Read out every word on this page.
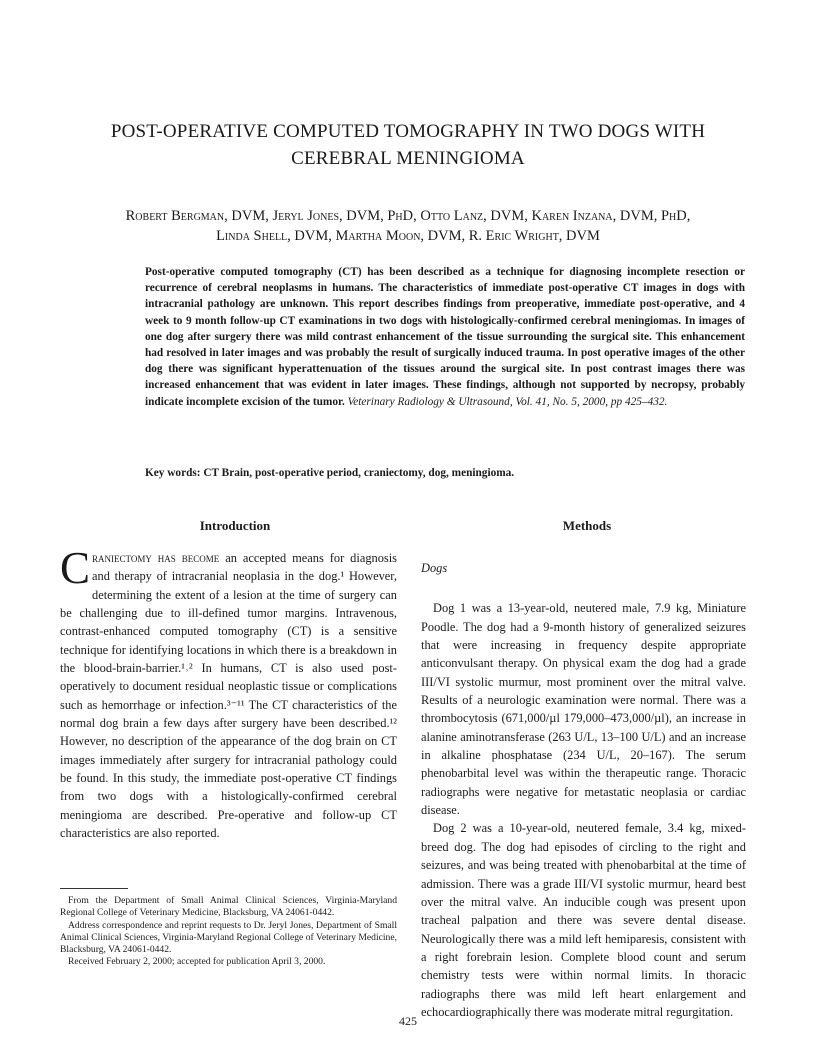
POST-OPERATIVE COMPUTED TOMOGRAPHY IN TWO DOGS WITH CEREBRAL MENINGIOMA
Robert Bergman, DVM, Jeryl Jones, DVM, PhD, Otto Lanz, DVM, Karen Inzana, DVM, PhD,
Linda Shell, DVM, Martha Moon, DVM, R. Eric Wright, DVM
Post-operative computed tomography (CT) has been described as a technique for diagnosing incomplete resection or recurrence of cerebral neoplasms in humans. The characteristics of immediate post-operative CT images in dogs with intracranial pathology are unknown. This report describes findings from preoperative, immediate post-operative, and 4 week to 9 month follow-up CT examinations in two dogs with histologically-confirmed cerebral meningiomas. In images of one dog after surgery there was mild contrast enhancement of the tissue surrounding the surgical site. This enhancement had resolved in later images and was probably the result of surgically induced trauma. In post operative images of the other dog there was significant hyperattenuation of the tissues around the surgical site. In post contrast images there was increased enhancement that was evident in later images. These findings, although not supported by necropsy, probably indicate incomplete excision of the tumor. Veterinary Radiology & Ultrasound, Vol. 41, No. 5, 2000, pp 425–432.
Key words: CT Brain, post-operative period, craniectomy, dog, meningioma.
Introduction	Methods

Craniectomy has become an accepted means for diagnosis and therapy of intracranial neoplasia in the dog.¹ However, determining the extent of a lesion at the time of surgery can be challenging due to ill-defined tumor margins. Intravenous, contrast-enhanced computed tomography (CT) is a sensitive technique for identifying locations in which there is a breakdown in the blood-brain-barrier.¹˒² In humans, CT is also used post-operatively to document residual neoplastic tissue or complications such as hemorrhage or infection.³⁻¹¹ The CT characteristics of the normal dog brain a few days after surgery have been described.¹² However, no description of the appearance of the dog brain on CT images immediately after surgery for intracranial pathology could be found. In this study, the immediate post-operative CT findings from two dogs with a histologically-confirmed cerebral meningioma are described. Pre-operative and follow-up CT characteristics are also reported.

Dogs

Dog 1 was a 13-year-old, neutered male, 7.9 kg, Miniature Poodle. The dog had a 9-month history of generalized seizures that were increasing in frequency despite appropriate anticonvulsant therapy. On physical exam the dog had a grade III/VI systolic murmur, most prominent over the mitral valve. Results of a neurologic examination were normal. There was a thrombocytosis (671,000/µl 179,000–473,000/µl), an increase in alanine aminotransferase (263 U/L, 13–100 U/L) and an increase in alkaline phosphatase (234 U/L, 20–167). The serum phenobarbital level was within the therapeutic range. Thoracic radiographs were negative for metastatic neoplasia or cardiac disease.

Dog 2 was a 10-year-old, neutered female, 3.4 kg, mixed-breed dog. The dog had episodes of circling to the right and seizures, and was being treated with phenobarbital at the time of admission. There was a grade III/VI systolic murmur, heard best over the mitral valve. An inducible cough was present upon tracheal palpation and there was severe dental disease. Neurologically there was a mild left hemiparesis, consistent with a right forebrain lesion. Complete blood count and serum chemistry tests were within normal limits. In thoracic radiographs there was mild left heart enlargement and echocardiographically there was moderate mitral regurgitation.

From the Department of Small Animal Clinical Sciences, Virginia-Maryland Regional College of Veterinary Medicine, Blacksburg, VA 24061-0442.

Address correspondence and reprint requests to Dr. Jeryl Jones, Department of Small Animal Clinical Sciences, Virginia-Maryland Regional College of Veterinary Medicine, Blacksburg, VA 24061-0442.

Received February 2, 2000; accepted for publication April 3, 2000.

425
